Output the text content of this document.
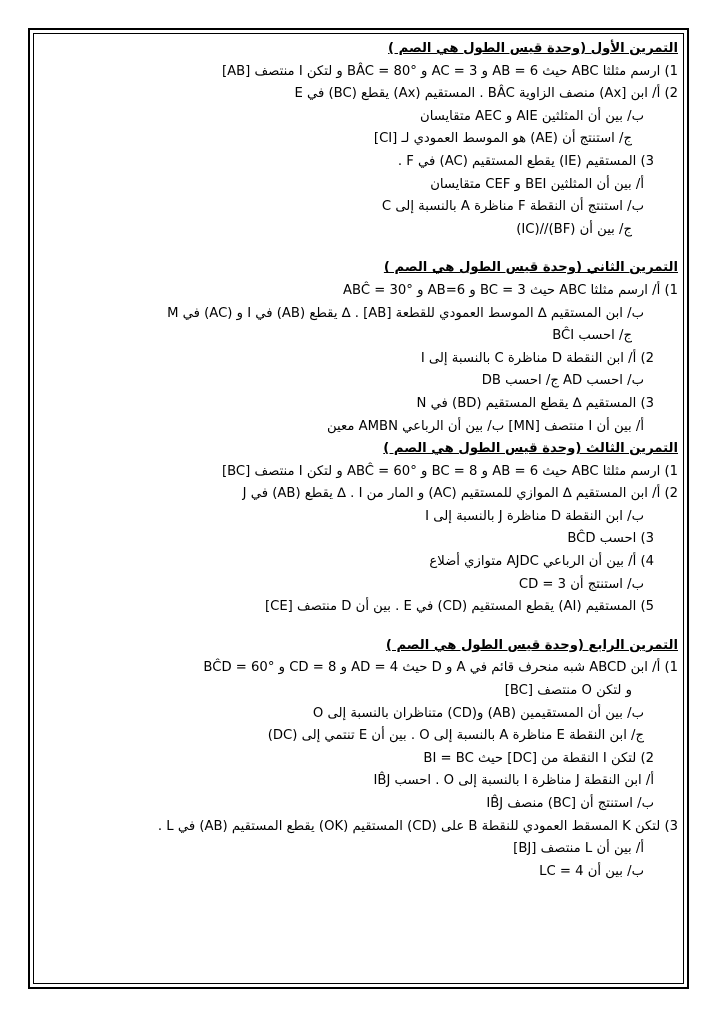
التمرين الأول (وحدة قيس الطول هي الصم )
1) ارسم مثلثا ABC حيث AB = 6 و AC = 3 و BÂC = 80° و لتكن I منتصف [AB]
2) أ/ ابن [Ax) منصف الزاوية BÂC . المستقيم (Ax) يقطع (BC) في E
ب/ بين أن المثلثين AIE و AEC متقايسان
ج/ استنتج أن (AE) هو الموسط العمودي لـ [CI]
3) المستقيم (IE) يقطع المستقيم (AC) في F .
أ/ بين أن المثلثين BEI و CEF متقايسان
ب/ استنتج أن النقطة F مناظرة A بالنسبة إلى C
ج/ بين أن (BF)//(IC)
التمرين الثاني (وحدة قيس الطول هي الصم )
1) أ/ ارسم مثلثا ABC حيث BC = 3 و AB=6 و ABĈ = 30°
ب/ ابن المستقيم ∆ الموسط العمودي للقطعة [AB] . ∆ يقطع (AB) في I و (AC) في M
ج/ احسب BĈI
2) أ/ ابن النقطة D مناظرة C بالنسبة إلى I
ب/ احسب AD ج/ احسب DB
3) المستقيم ∆ يقطع المستقيم (BD) في N
أ/ بين أن I منتصف [MN] ب/ بين أن الرباعي AMBN معين
التمرين الثالث (وحدة قيس الطول هي الصم )
1) ارسم مثلثا ABC حيث AB = 6 و BC = 8 و ABĈ = 60° و لتكن I منتصف [BC]
2) أ/ ابن المستقيم ∆ الموازي للمستقيم (AC) و المار من I . ∆ يقطع (AB) في J
ب/ ابن النقطة D مناظرة J بالنسبة إلى I
3) احسب BĈD
4) أ/ بين أن الرباعي AJDC متوازي أضلاع
ب/ استنتج أن CD = 3
5) المستقيم (AI) يقطع المستقيم (CD) في E . بين أن D منتصف [CE]
التمرين الرابع (وحدة قيس الطول هي الصم )
1) أ/ ابن ABCD شبه منحرف قائم في A و D حيث AD = 4 و CD = 8 و BĈD = 60°
و لتكن O منتصف [BC]
ب/ بين أن المستقيمين (AB) و(CD) متناظران بالنسبة إلى O
ج/ ابن النقطة E مناظرة A بالنسبة إلى O . بين أن E تنتمي إلى (DC)
2) لتكن I النقطة من [DC] حيث BI = BC
أ/ ابن النقطة J مناظرة I بالنسبة إلى O . احسب IB̂J
ب/ استنتج أن [BC) منصف IB̂J
3) لتكن K المسقط العمودي للنقطة B على (CD) المستقيم (OK) يقطع المستقيم (AB) في L .
أ/ بين أن L منتصف [BJ]
ب/ بين أن LC = 4
